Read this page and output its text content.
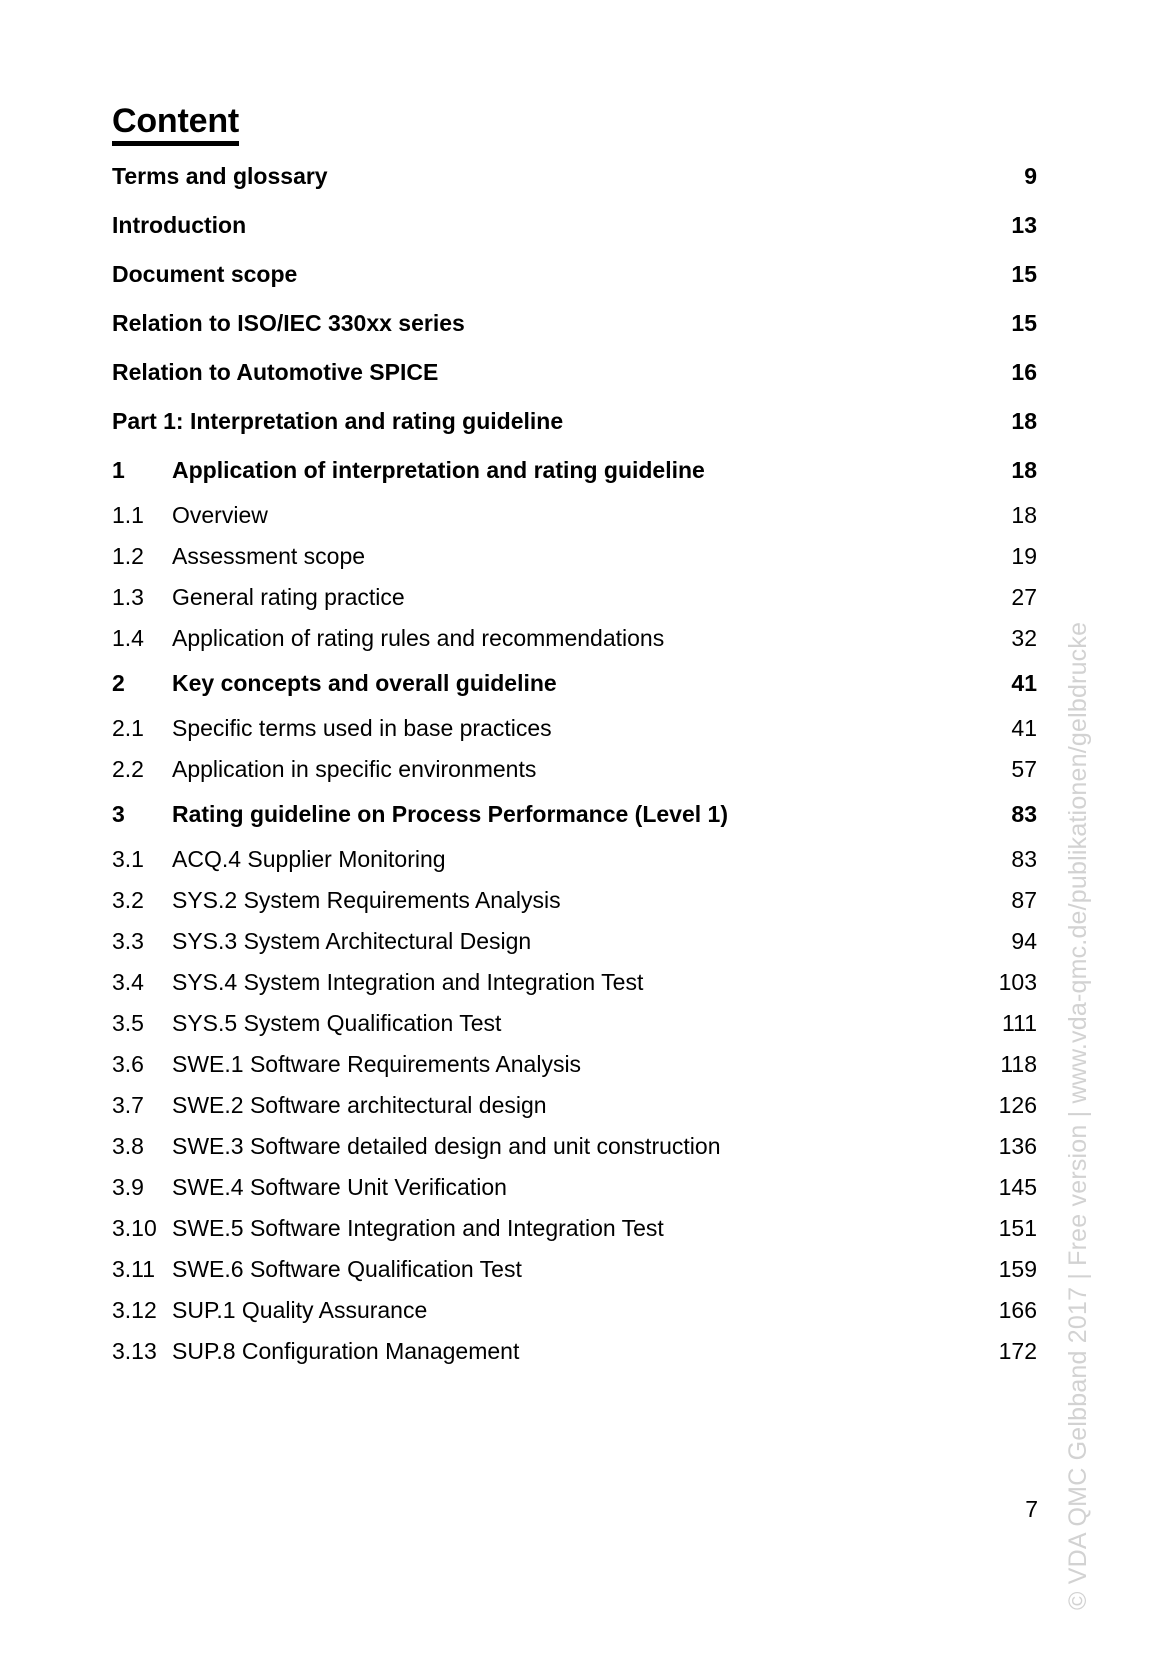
Content
Terms and glossary	9
Introduction	13
Document scope	15
Relation to ISO/IEC 330xx series	15
Relation to Automotive SPICE	16
Part 1: Interpretation and rating guideline	18
1	Application of interpretation and rating guideline	18
1.1	Overview	18
1.2	Assessment scope	19
1.3	General rating practice	27
1.4	Application of rating rules and recommendations	32
2	Key concepts and overall guideline	41
2.1	Specific terms used in base practices	41
2.2	Application in specific environments	57
3	Rating guideline on Process Performance (Level 1)	83
3.1	ACQ.4 Supplier Monitoring	83
3.2	SYS.2 System Requirements Analysis	87
3.3	SYS.3 System Architectural Design	94
3.4	SYS.4 System Integration and Integration Test	103
3.5	SYS.5 System Qualification Test	111
3.6	SWE.1 Software Requirements Analysis	118
3.7	SWE.2 Software architectural design	126
3.8	SWE.3 Software detailed design and unit construction	136
3.9	SWE.4 Software Unit Verification	145
3.10 SWE.5 Software Integration and Integration Test	151
3.11 SWE.6 Software Qualification Test	159
3.12 SUP.1 Quality Assurance	166
3.13 SUP.8 Configuration Management	172
7 © VDA QMC Gelbband 2017 | Free version | www.vda-qmc.de/publikationen/gelbdrucke
